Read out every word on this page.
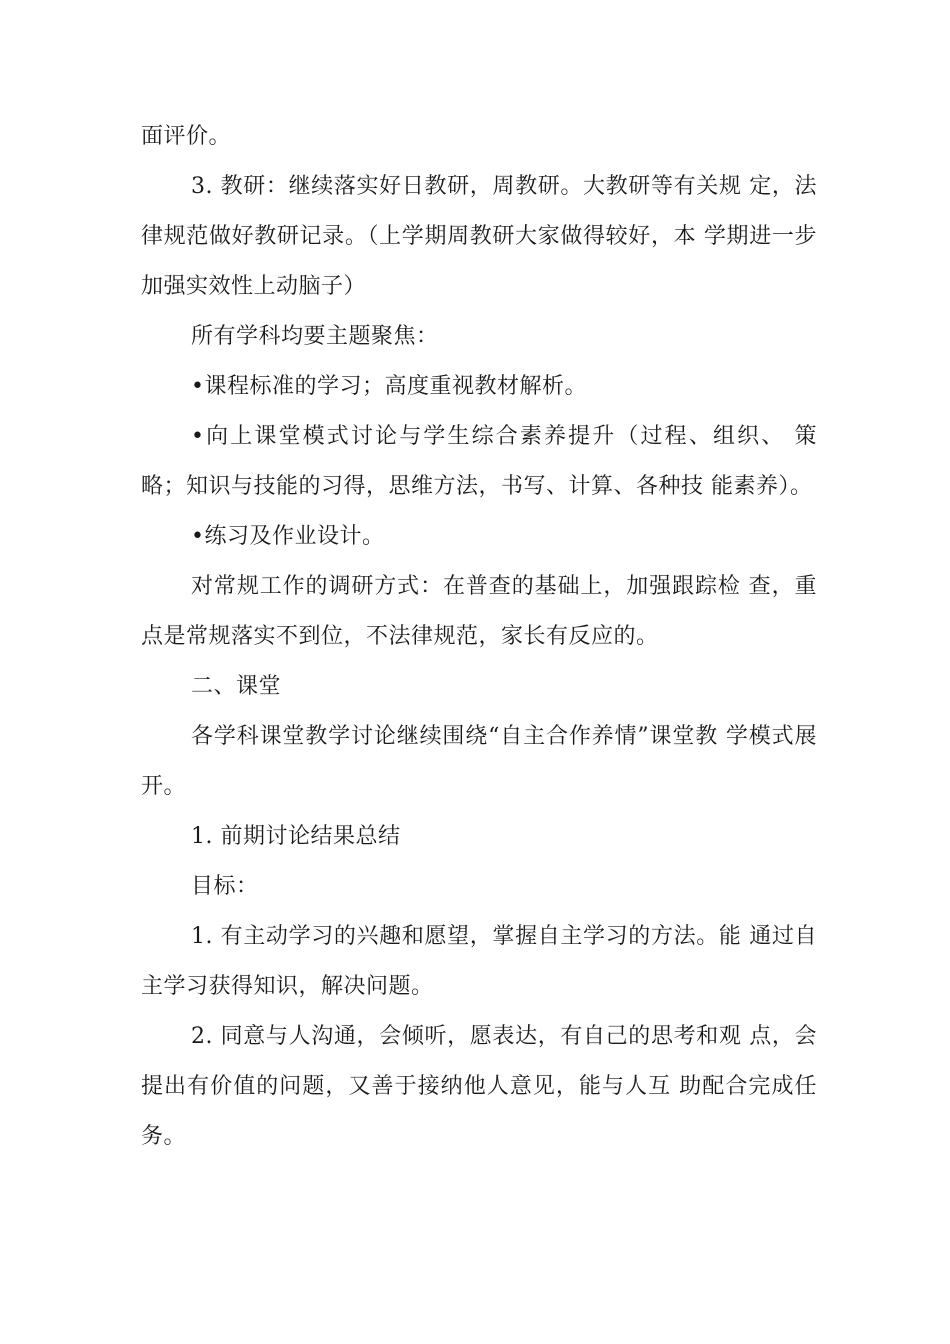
面评价。

3. 教研：继续落实好日教研，周教研。大教研等有关规 定，法律规范做好教研记录。（上学期周教研大家做得较好，本 学期进一步加强实效性上动脑子）

所有学科均要主题聚焦：

•课程标准的学习；高度重视教材解析。

•向上课堂模式讨论与学生综合素养提升（过程、组织、 策略；知识与技能的习得，思维方法，书写、计算、各种技 能素养）。

•练习及作业设计。

对常规工作的调研方式：在普查的基础上，加强跟踪检 查，重点是常规落实不到位，不法律规范，家长有反应的。

二、课堂

各学科课堂教学讨论继续围绕“自主合作养情”课堂教 学模式展开。

1. 前期讨论结果总结

目标：

1. 有主动学习的兴趣和愿望，掌握自主学习的方法。能 通过自主学习获得知识，解决问题。

2. 同意与人沟通，会倾听，愿表达，有自己的思考和观 点，会提出有价值的问题，又善于接纳他人意见，能与人互 助配合完成任务。
